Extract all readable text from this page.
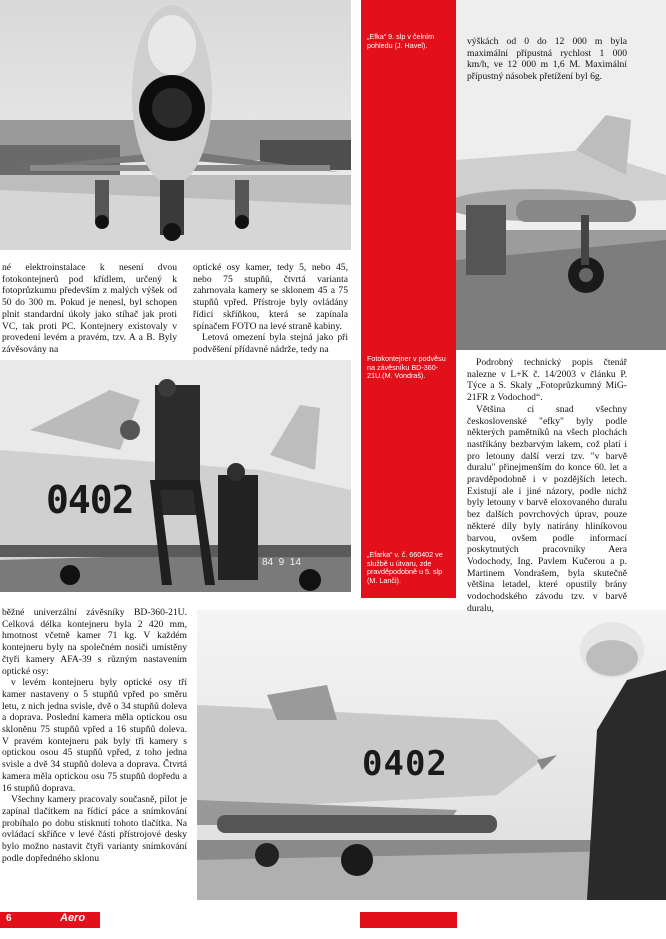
„Efka“ 9. slp v čelním pohledu (J. Havel).
Fotokontejner v podvěsu na závěsníku BD-360-21U.(M. Vondraš).
„Efarka“ v. č. 660402 ve službě u útvaru, zde pravděpodobně u 5. slp (M. Lanči).
0402
84  9  14
0402

né elektroinstalace k nesení dvou fotokontejnerů pod křídlem, určený k fotoprůzkumu především z malých výšek od 50 do 300 m. Pokud je nenesl, byl schopen plnit standardní úkoly jako stíhač jak proti VC, tak proti PC. Kontejnery existovaly v provedení levém a pravém, tzv. A a B. Byly závěsovány na

optické osy kamer, tedy 5, nebo 45, nebo 75 stupňů, čtvrtá varianta zahrnovala kamery se sklonem 45 a 75 stupňů vpřed. Přístroje byly ovládány řídicí skříňkou, která se zapínala spínačem FOTO na levé straně kabiny.

Letová omezení byla stejná jako při podvěšení přídavné nádrže, tedy na

výškách od 0 do 12 000 m byla maximální přípustná rychlost 1 000 km/h, ve 12 000 m 1,6 M. Maximální přípustný násobek přetížení byl 6g.

Podrobný technický popis čtenář nalezne v L+K č. 14/2003 v článku P. Týce a S. Skaly „Fotoprůzkumný MiG-21FR z Vodochod“.

Většina ci snad všechny československé "efky" byly podle některých pamětníků na všech plochách nastříkány bezbarvým lakem, což platí i pro letouny další verzí tzv. "v barvě duralu" přinejmenším do konce 60. let a pravděpodobně i v pozdějších letech. Existují ale i jiné názory, podle nichž byly letouny v barvě eloxovaného duralu bez dalších povrchových úprav, pouze některé díly byly natírány hliníkovou barvou, ovšem podle informací poskytnutých pracovníky Aera Vodochody, Ing. Pavlem Kučerou a p. Martinem Vondrašem, byla skutečně většina letadel, které opustily brány vodochodského závodu tzv. v barvě duralu,

běžné univerzální závěsníky BD-360-21U. Celková délka kontejneru byla 2 420 mm, hmotnost včetně kamer 71 kg. V každém kontejneru byly na společném nosiči umístěny čtyři kamery AFA-39 s různým nastavením optické osy:

v levém kontejneru byly optické osy tří kamer nastaveny o 5 stupňů vpřed po směru letu, z nich jedna svisle, dvě o 34 stupňů doleva a doprava. Poslední kamera měla optickou osu skloněnu 75 stupňů vpřed a 16 stupňů doleva. V pravém kontejneru pak byly tři kamery s optickou osou 45 stupňů vpřed, z toho jedna svisle a dvě 34 stupňů doleva a doprava. Čtvrtá kamera měla optickou osu 75 stupňů dopředu a 16 stupňů doprava.

Všechny kamery pracovaly současně, pilot je zapínal tlačítkem na řídicí páce a snímkování probíhalo po dobu stisknutí tohoto tlačítka. Na ovládací skříňce v levé části přístrojové desky bylo možno nastavit čtyři varianty snímkování podle dopředného sklonu

6	Aero
